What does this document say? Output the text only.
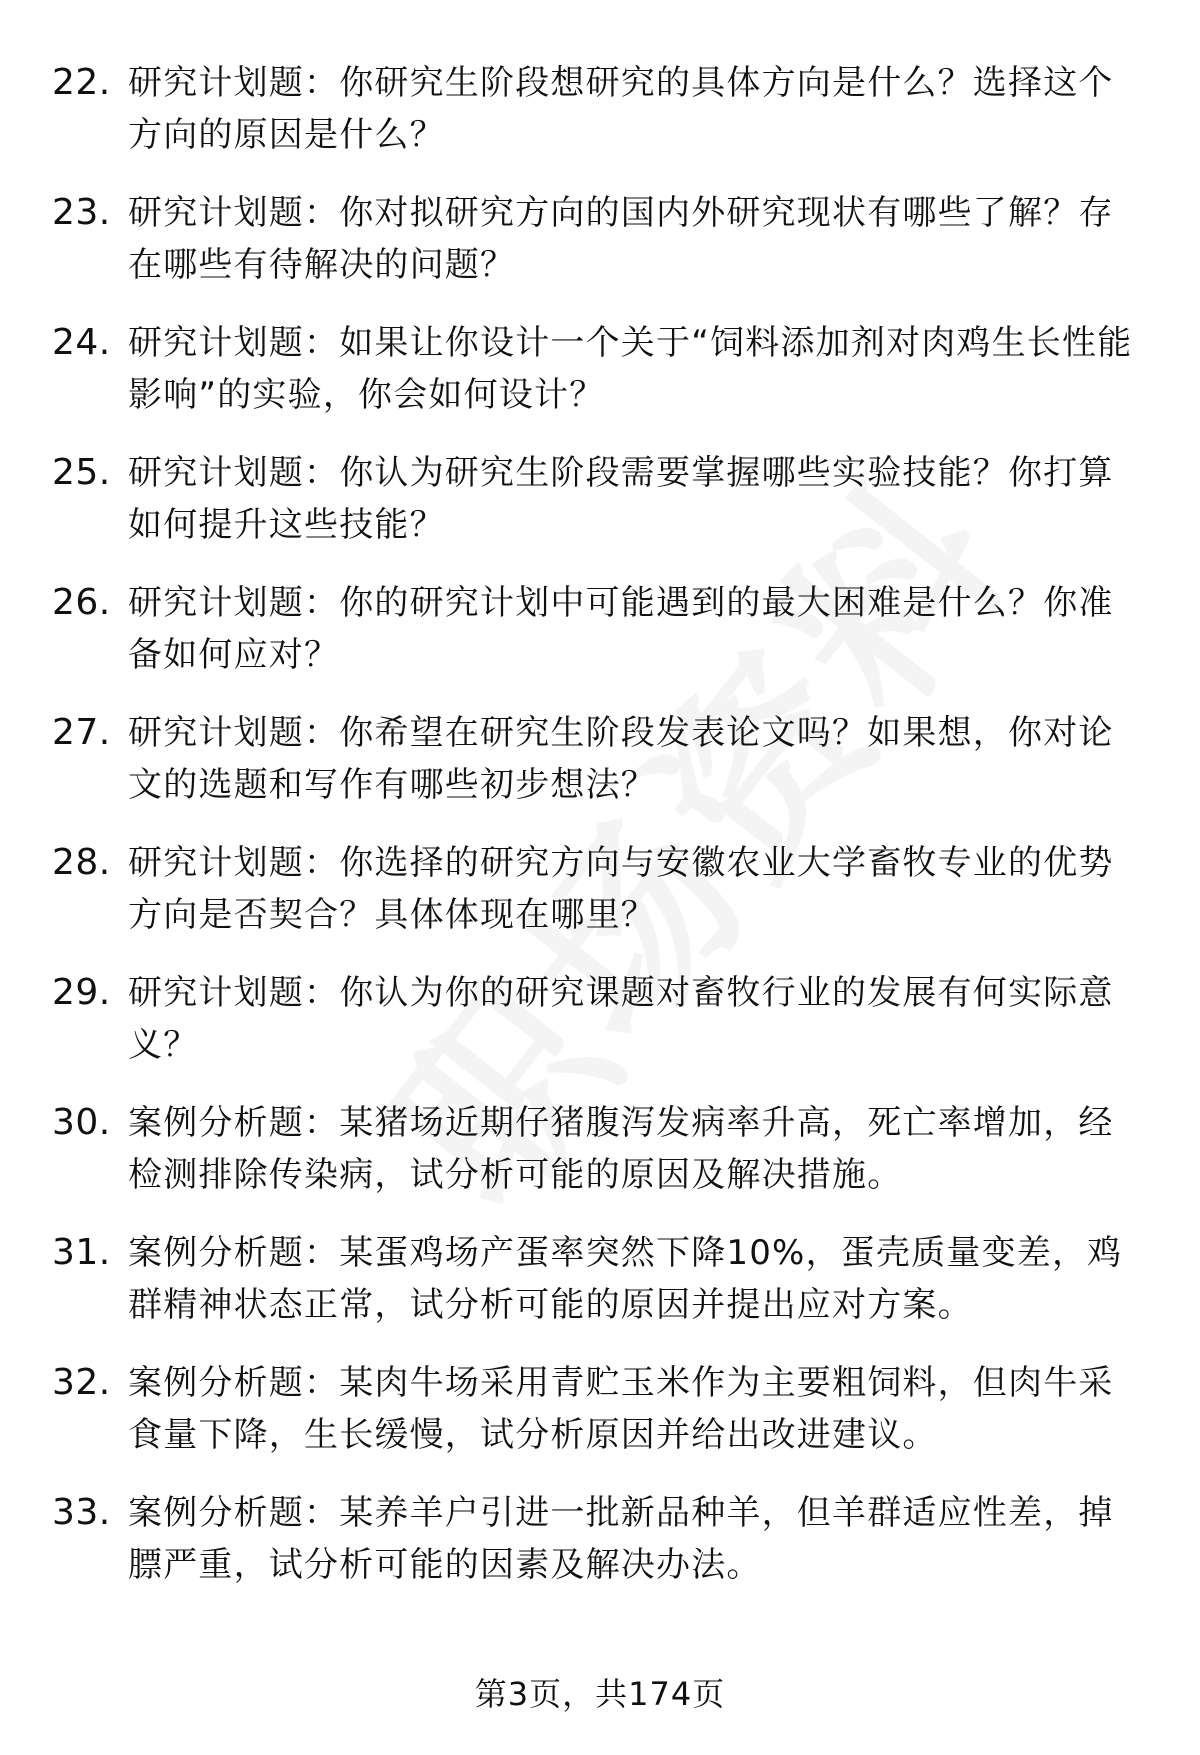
22. 研究计划题：你研究生阶段想研究的具体方向是什么？选择这个方向的原因是什么？
23. 研究计划题：你对拟研究方向的国内外研究现状有哪些了解？存在哪些有待解决的问题？
24. 研究计划题：如果让你设计一个关于“饲料添加剂对肉鸡生长性能影响”的实验，你会如何设计？
25. 研究计划题：你认为研究生阶段需要掌握哪些实验技能？你打算如何提升这些技能？
26. 研究计划题：你的研究计划中可能遇到的最大困难是什么？你准备如何应对？
27. 研究计划题：你希望在研究生阶段发表论文吗？如果想，你对论文的选题和写作有哪些初步想法？
28. 研究计划题：你选择的研究方向与安徽农业大学畜牧专业的优势方向是否契合？具体体现在哪里？
29. 研究计划题：你认为你的研究课题对畜牧行业的发展有何实际意义？
30. 案例分析题：某猪场近期仔猪腹泻发病率升高，死亡率增加，经检测排除传染病，试分析可能的原因及解决措施。
31. 案例分析题：某蛋鸡场产蛋率突然下降10%，蛋壳质量变差，鸡群精神状态正常，试分析可能的原因并提出应对方案。
32. 案例分析题：某肉牛场采用青贮玉米作为主要粗饲料，但肉牛采食量下降，生长缓慢，试分析原因并给出改进建议。
33. 案例分析题：某养羊户引进一批新品种羊，但羊群适应性差，掉膘严重，试分析可能的因素及解决办法。
第3页，共174页
